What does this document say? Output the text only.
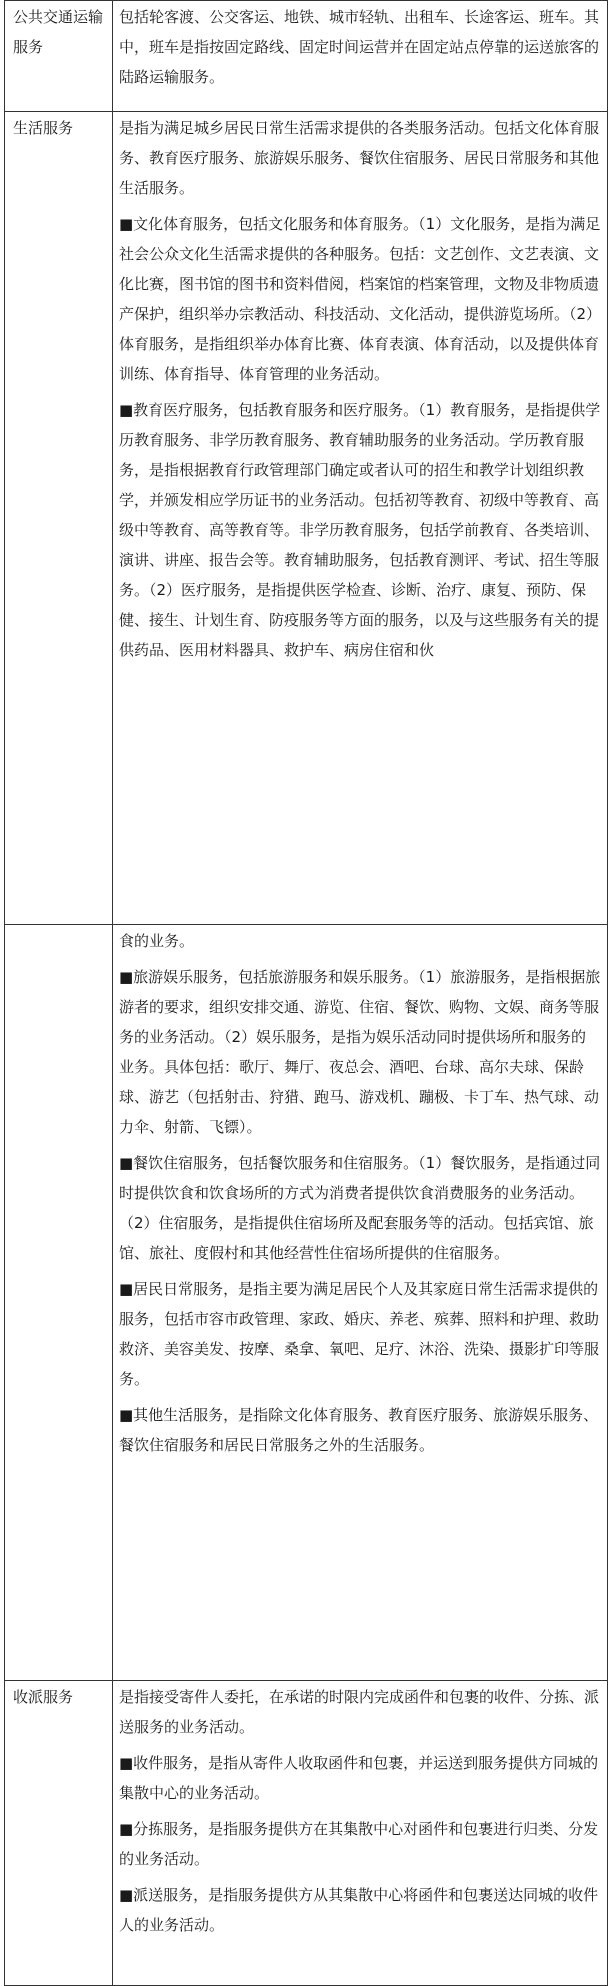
公共交通运输服务	包括轮客渡、公交客运、地铁、城市轻轨、出租车、长途客运、班车。其中，班车是指按固定路线、固定时间运营并在固定站点停靠的运送旅客的陆路运输服务。

生活服务	是指为满足城乡居民日常生活需求提供的各类服务活动。包括文化体育服务、教育医疗服务、旅游娱乐服务、餐饮住宿服务、居民日常服务和其他生活服务。

■文化体育服务，包括文化服务和体育服务。（1）文化服务，是指为满足社会公众文化生活需求提供的各种服务。包括：文艺创作、文艺表演、文化比赛，图书馆的图书和资料借阅，档案馆的档案管理，文物及非物质遗产保护，组织举办宗教活动、科技活动、文化活动，提供游览场所。（2）体育服务，是指组织举办体育比赛、体育表演、体育活动，以及提供体育训练、体育指导、体育管理的业务活动。

■教育医疗服务，包括教育服务和医疗服务。（1）教育服务，是指提供学历教育服务、非学历教育服务、教育辅助服务的业务活动。学历教育服务，是指根据教育行政管理部门确定或者认可的招生和教学计划组织教学，并颁发相应学历证书的业务活动。包括初等教育、初级中等教育、高级中等教育、高等教育等。非学历教育服务，包括学前教育、各类培训、演讲、讲座、报告会等。教育辅助服务，包括教育测评、考试、招生等服务。（2）医疗服务，是指提供医学检查、诊断、治疗、康复、预防、保健、接生、计划生育、防疫服务等方面的服务，以及与这些服务有关的提供药品、医用材料器具、救护车、病房住宿和伙

	食的业务。

■旅游娱乐服务，包括旅游服务和娱乐服务。（1）旅游服务，是指根据旅游者的要求，组织安排交通、游览、住宿、餐饮、购物、文娱、商务等服务的业务活动。（2）娱乐服务，是指为娱乐活动同时提供场所和服务的业务。具体包括：歌厅、舞厅、夜总会、酒吧、台球、高尔夫球、保龄球、游艺（包括射击、狩猎、跑马、游戏机、蹦极、卡丁车、热气球、动力伞、射箭、飞镖）。

■餐饮住宿服务，包括餐饮服务和住宿服务。（1）餐饮服务，是指通过同时提供饮食和饮食场所的方式为消费者提供饮食消费服务的业务活动。（2）住宿服务，是指提供住宿场所及配套服务等的活动。包括宾馆、旅馆、旅社、度假村和其他经营性住宿场所提供的住宿服务。

■居民日常服务，是指主要为满足居民个人及其家庭日常生活需求提供的服务，包括市容市政管理、家政、婚庆、养老、殡葬、照料和护理、救助救济、美容美发、按摩、桑拿、氧吧、足疗、沐浴、洗染、摄影扩印等服务。

■其他生活服务，是指除文化体育服务、教育医疗服务、旅游娱乐服务、餐饮住宿服务和居民日常服务之外的生活服务。

收派服务	是指接受寄件人委托，在承诺的时限内完成函件和包裹的收件、分拣、派送服务的业务活动。

■收件服务，是指从寄件人收取函件和包裹，并运送到服务提供方同城的集散中心的业务活动。

■分拣服务，是指服务提供方在其集散中心对函件和包裹进行归类、分发的业务活动。

■派送服务，是指服务提供方从其集散中心将函件和包裹送达同城的收件人的业务活动。
